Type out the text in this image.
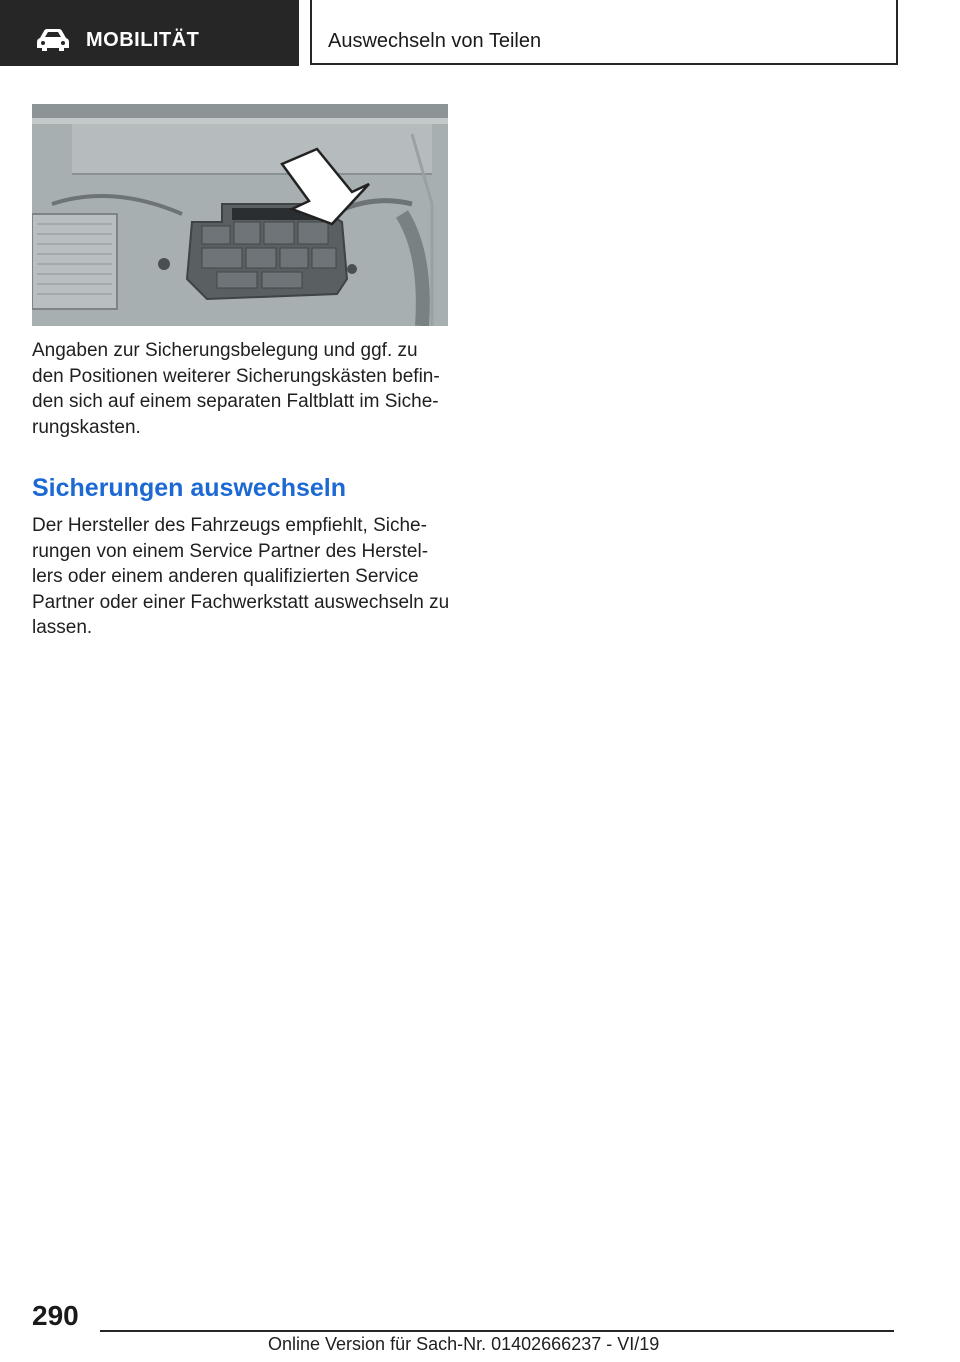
MOBILITÄT	Auswechseln von Teilen

Angaben zur Sicherungsbelegung und ggf. zu den Positionen weiterer Sicherungskästen befin-den sich auf einem separaten Faltblatt im Siche-rungskasten.

Sicherungen auswechseln

Der Hersteller des Fahrzeugs empfiehlt, Siche-rungen von einem Service Partner des Herstel-lers oder einem anderen qualifizierten Service Partner oder einer Fachwerkstatt auswechseln zu lassen.

290
Online Version für Sach-Nr. 01402666237 - VI/19
